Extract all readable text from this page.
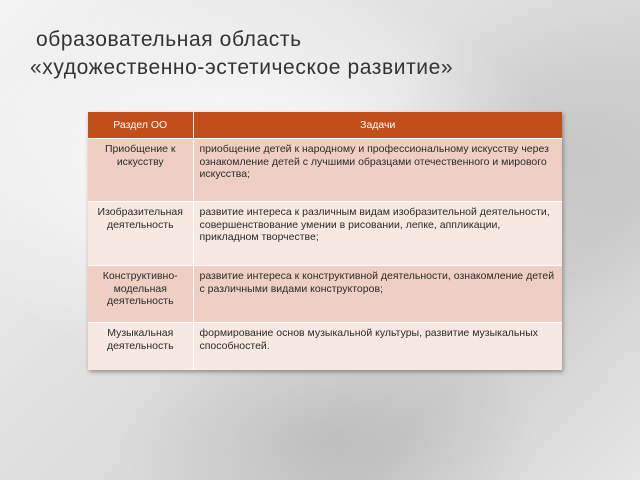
образовательная область
«художественно-эстетическое развитие»
Раздел ОО	Задачи
Приобщение к искусству	приобщение детей к народному и профессиональному искусству через ознакомление детей с лучшими образцами отечественного и мирового искусства;
Изобразительная деятельность	развитие интереса к различным видам изобразительной деятельности, совершенствование умении в рисовании, лепке, аппликации, прикладном творчестве;
Конструктивно-модельная деятельность	развитие интереса к конструктивной деятельности, ознакомление детей с различными видами конструкторов;
Музыкальная деятельность	формирование основ музыкальной культуры, развитие музыкальных способностей.
